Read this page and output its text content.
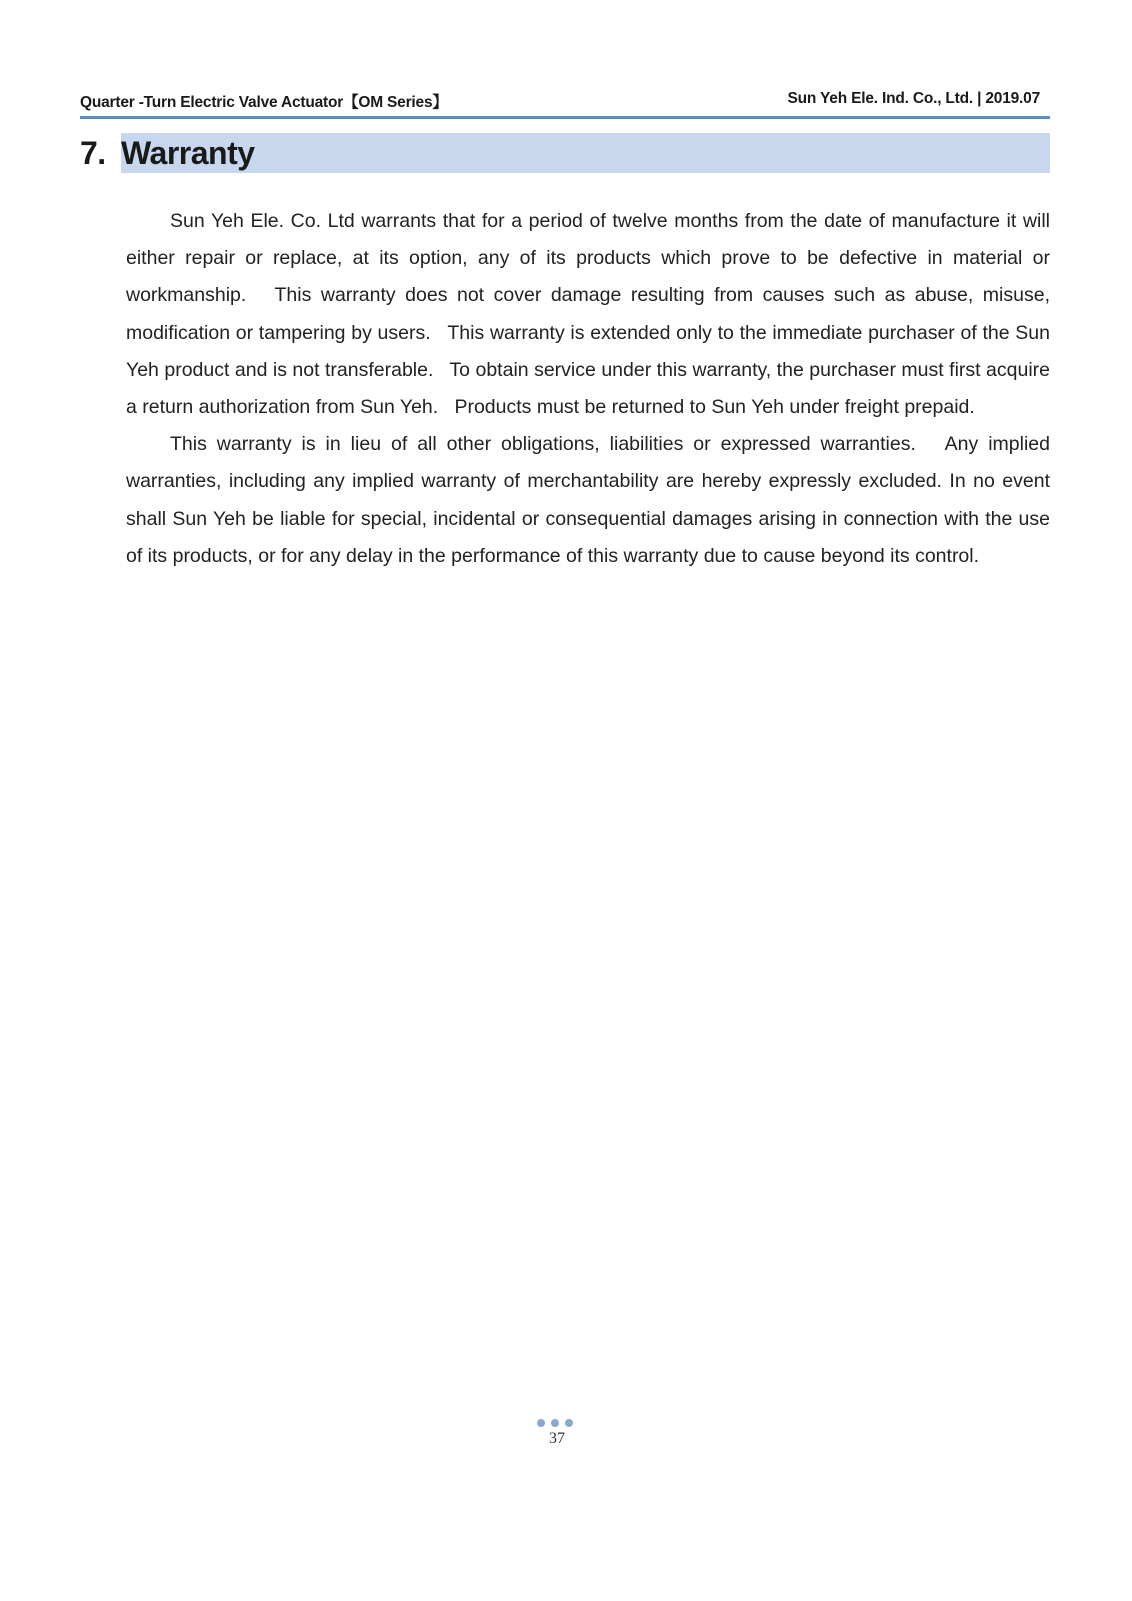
Quarter -Turn Electric Valve Actuator【OM Series】	Sun Yeh Ele. Ind. Co., Ltd. | 2019.07
7. Warranty

Sun Yeh Ele. Co. Ltd warrants that for a period of twelve months from the date of manufacture it will either repair or replace, at its option, any of its products which prove to be defective in material or workmanship.   This warranty does not cover damage resulting from causes such as abuse, misuse, modification or tampering by users.   This warranty is extended only to the immediate purchaser of the Sun Yeh product and is not transferable.   To obtain service under this warranty, the purchaser must first acquire a return authorization from Sun Yeh.   Products must be returned to Sun Yeh under freight prepaid.

This warranty is in lieu of all other obligations, liabilities or expressed warranties.   Any implied warranties, including any implied warranty of merchantability are hereby expressly excluded. In no event shall Sun Yeh be liable for special, incidental or consequential damages arising in connection with the use of its products, or for any delay in the performance of this warranty due to cause beyond its control.

37
